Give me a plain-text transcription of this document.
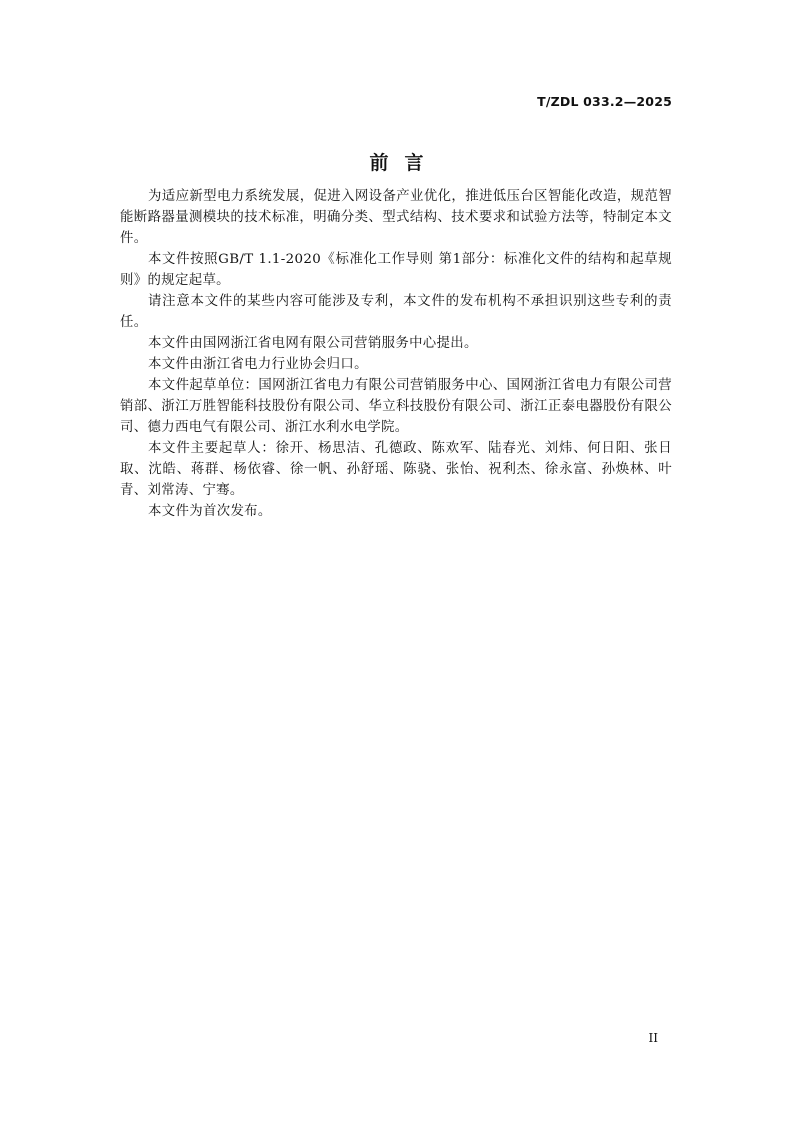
T/ZDL 033.2—2025
前言

为适应新型电力系统发展，促进入网设备产业优化，推进低压台区智能化改造，规范智能断路器量测模块的技术标准，明确分类、型式结构、技术要求和试验方法等，特制定本文件。

本文件按照GB/T 1.1-2020《标准化工作导则 第1部分：标准化文件的结构和起草规则》的规定起草。

请注意本文件的某些内容可能涉及专利，本文件的发布机构不承担识别这些专利的责任。

本文件由国网浙江省电网有限公司营销服务中心提出。

本文件由浙江省电力行业协会归口。

本文件起草单位：国网浙江省电力有限公司营销服务中心、国网浙江省电力有限公司营销部、浙江万胜智能科技股份有限公司、华立科技股份有限公司、浙江正泰电器股份有限公司、德力西电气有限公司、浙江水利水电学院。

本文件主要起草人：徐开、杨思洁、孔德政、陈欢军、陆春光、刘炜、何日阳、张日取、沈皓、蒋群、杨依睿、徐一帆、孙舒瑶、陈骁、张怡、祝利杰、徐永富、孙焕林、叶青、刘常涛、宁骞。

本文件为首次发布。

II
